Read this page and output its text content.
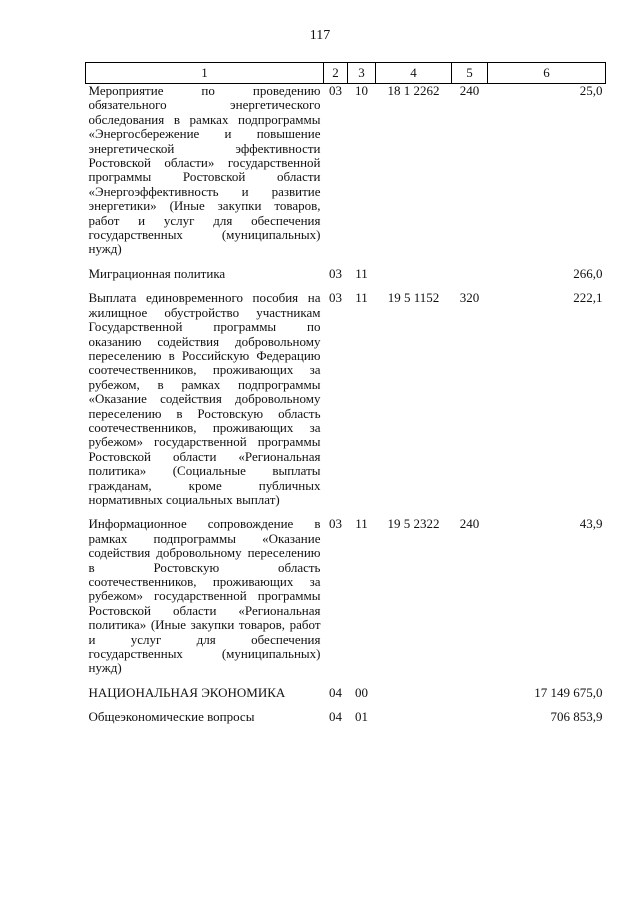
117
1	2	3	4	5	6
Мероприятие по проведению обязательного энергетического обследования в рамках подпрограммы «Энергосбережение и повышение энергетической эффективности Ростовской области» государственной программы Ростовской области «Энергоэффективность и развитие энергетики» (Иные закупки товаров, работ и услуг для обеспечения государственных (муниципальных) нужд)	03	10	18 1 2262	240	25,0
Миграционная политика	03	11			266,0
Выплата единовременного пособия на жилищное обустройство участникам Государственной программы по оказанию содействия добровольному переселению в Российскую Федерацию соотечественников, проживающих за рубежом, в рамках подпрограммы «Оказание содействия добровольному переселению в Ростовскую область соотечественников, проживающих за рубежом» государственной программы Ростовской области «Региональная политика» (Социальные выплаты гражданам, кроме публичных нормативных социальных выплат)	03	11	19 5 1152	320	222,1
Информационное сопровождение в рамках подпрограммы «Оказание содействия добровольному переселению в Ростовскую область соотечественников, проживающих за рубежом» государственной программы Ростовской области «Региональная политика» (Иные закупки товаров, работ и услуг для обеспечения государственных (муниципальных) нужд)	03	11	19 5 2322	240	43,9
НАЦИОНАЛЬНАЯ ЭКОНОМИКА	04	00			17 149 675,0
Общеэкономические вопросы	04	01			706 853,9
